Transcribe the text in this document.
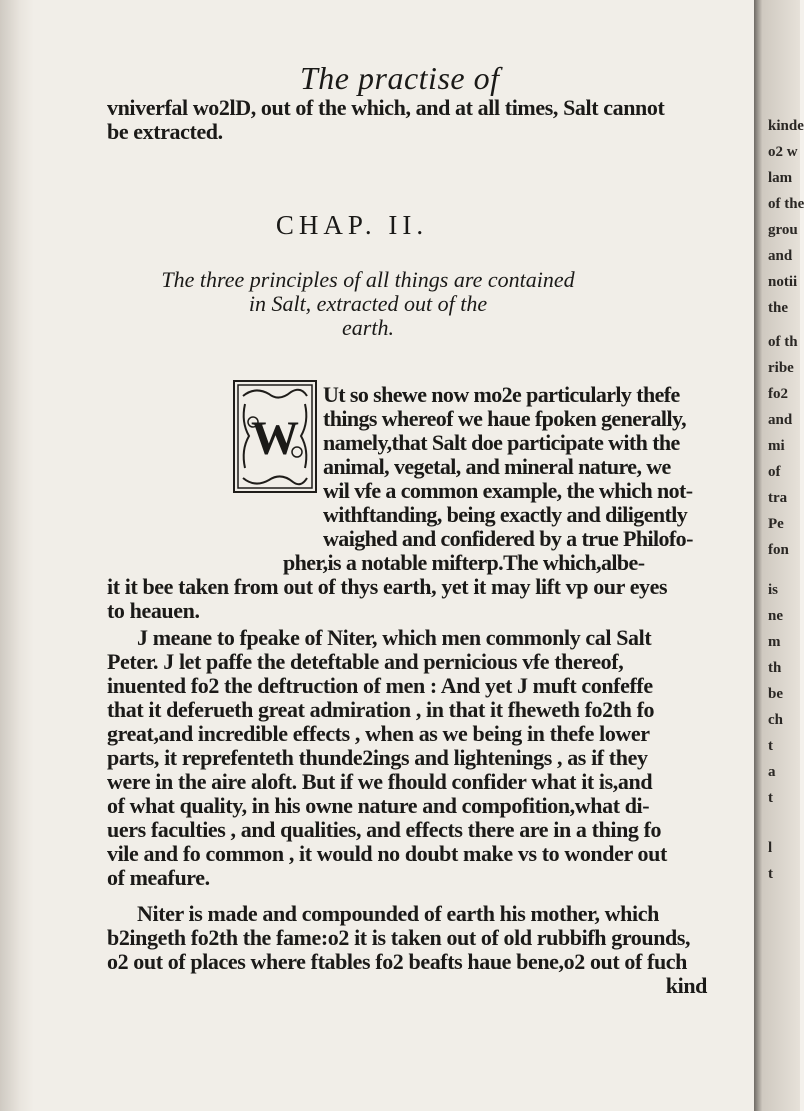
kinde
o2 w
lam
of the
grou
and
notii
the
of th
ribe
fo2
and
mi
of
tra
Pe
fon
is
ne
m
th
be
ch
t
a
t
l
t
The practise of
vniverfal wo2lD, out of the which, and at all times, Salt cannot
be extracted.
CHAP. II.
The three principles of all things are contained
in Salt, extracted out of the
earth.
W
Ut so shewe now mo2e particularly thefe
things whereof we haue fpoken generally,
namely,that Salt doe participate with the
animal, vegetal, and mineral nature, we
wil vfe a common example, the which not-
withftanding, being exactly and diligently
waighed and confidered by a true Philofo-
pher,is a notable mifterp.The which,albe-
it it bee taken from out of thys earth, yet it may lift vp our eyes
to heauen.
J meane to fpeake of Niter, which men commonly cal Salt
Peter. J let paffe the deteftable and pernicious vfe thereof,
inuented fo2 the deftruction of men : And yet J muft confeffe
that it deferueth great admiration , in that it fheweth fo2th fo
great,and incredible effects , when as we being in thefe lower
parts, it reprefenteth thunde2ings and lightenings , as if they
were in the aire aloft. But if we fhould confider what it is,and
of what quality, in his owne nature and compofition,what di-
uers faculties , and qualities, and effects there are in a thing fo
vile and fo common , it would no doubt make vs to wonder out
of meafure.
Niter is made and compounded of earth his mother, which
b2ingeth fo2th the fame:o2 it is taken out of old rubbifh grounds,
o2 out of places where ftables fo2 beafts haue bene,o2 out of fuch
kind
